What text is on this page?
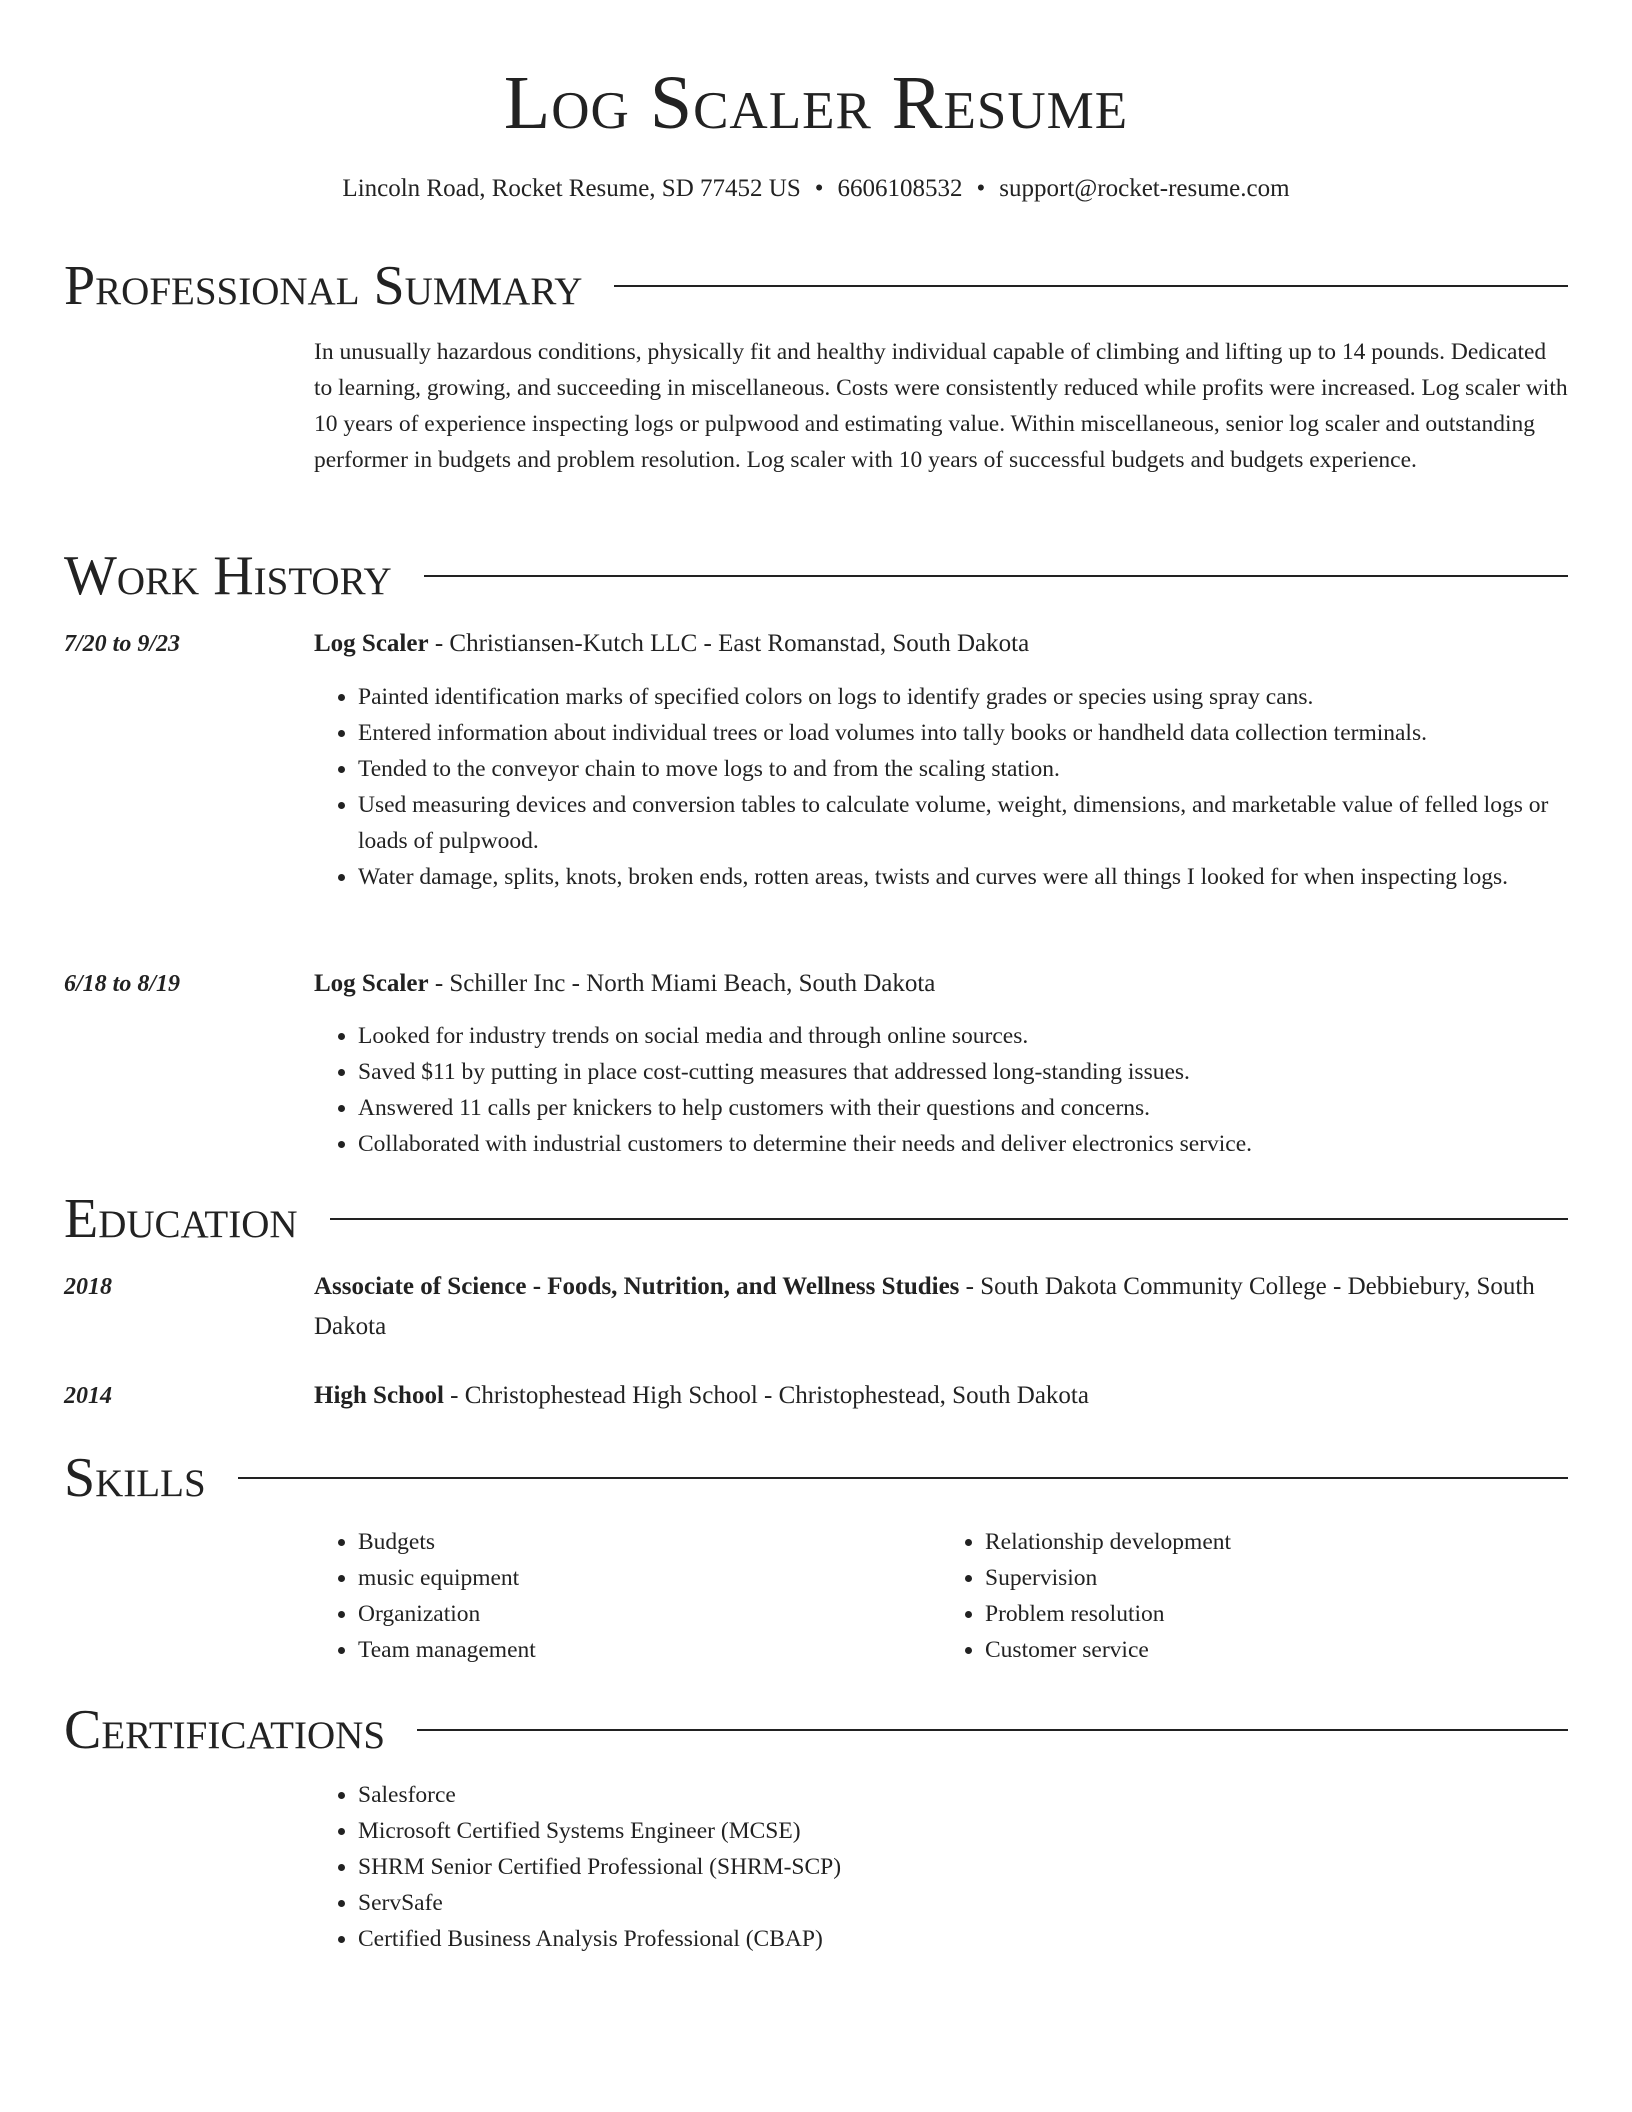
Log Scaler Resume
Lincoln Road, Rocket Resume, SD 77452 US • 6606108532 • support@rocket-resume.com
Professional Summary

In unusually hazardous conditions, physically fit and healthy individual capable of climbing and lifting up to 14 pounds. Dedicated to learning, growing, and succeeding in miscellaneous. Costs were consistently reduced while profits were increased. Log scaler with 10 years of experience inspecting logs or pulpwood and estimating value. Within miscellaneous, senior log scaler and outstanding performer in budgets and problem resolution. Log scaler with 10 years of successful budgets and budgets experience.

Work History
7/20 to 9/23	Log Scaler - Christiansen-Kutch LLC - East Romanstad, South Dakota
• Painted identification marks of specified colors on logs to identify grades or species using spray cans.
• Entered information about individual trees or load volumes into tally books or handheld data collection terminals.
• Tended to the conveyor chain to move logs to and from the scaling station.
• Used measuring devices and conversion tables to calculate volume, weight, dimensions, and marketable value of felled logs or loads of pulpwood.
• Water damage, splits, knots, broken ends, rotten areas, twists and curves were all things I looked for when inspecting logs.
6/18 to 8/19	Log Scaler - Schiller Inc - North Miami Beach, South Dakota
• Looked for industry trends on social media and through online sources.
• Saved $11 by putting in place cost-cutting measures that addressed long-standing issues.
• Answered 11 calls per knickers to help customers with their questions and concerns.
• Collaborated with industrial customers to determine their needs and deliver electronics service.
Education
2018	Associate of Science - Foods, Nutrition, and Wellness Studies - South Dakota Community College - Debbiebury, South Dakota
2014	High School - Christophestead High School - Christophestead, South Dakota
Skills
• Budgets
• music equipment
• Organization
• Team management
• Relationship development
• Supervision
• Problem resolution
• Customer service
Certifications
• Salesforce
• Microsoft Certified Systems Engineer (MCSE)
• SHRM Senior Certified Professional (SHRM-SCP)
• ServSafe
• Certified Business Analysis Professional (CBAP)
